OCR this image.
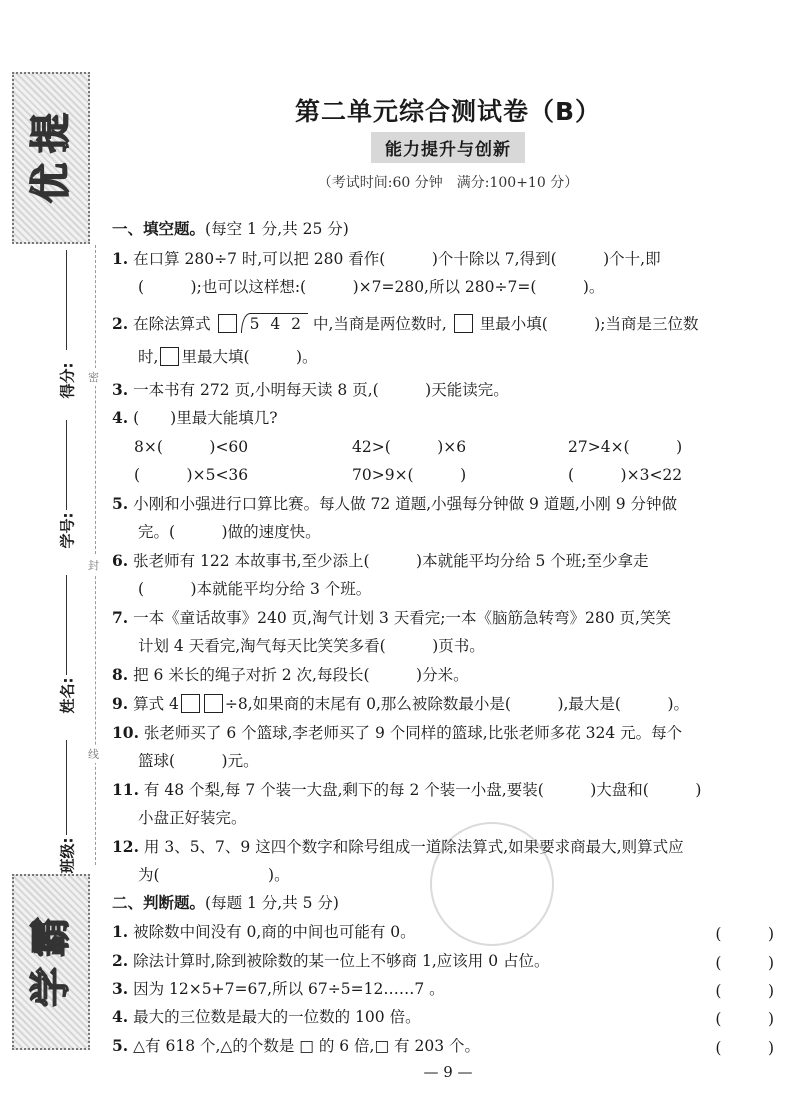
提
优
得分:
学号:
姓名:
班级:
密
封
线
霸
学
第二单元综合测试卷（B）
能力提升与创新
（考试时间:60 分钟　满分:100+10 分）
一、填空题。(每空 1 分,共 25 分)
1. 在口算 280÷7 时,可以把 280 看作(　　　)个十除以 7,得到(　　　)个十,即
(　　　);也可以这样想:(　　　)×7=280,所以 280÷7=(　　　)。
2. 在除法算式	5 4 2 中,当商是两位数时, 里最小填(　　　);当商是三位数
时, 里最大填(　　　)。
3. 一本书有 272 页,小明每天读 8 页,(　　　)天能读完。
4. (　　)里最大能填几?
8×(　　　)<60	42>(　　　)×6	27>4×(　　　)
(　　　)×5<36	70>9×(　　　)	(　　　)×3<22
5. 小刚和小强进行口算比赛。每人做 72 道题,小强每分钟做 9 道题,小刚 9 分钟做
完。(　　　)做的速度快。
6. 张老师有 122 本故事书,至少添上(　　　)本就能平均分给 5 个班;至少拿走
(　　　)本就能平均分给 3 个班。
7. 一本《童话故事》240 页,淘气计划 3 天看完;一本《脑筋急转弯》280 页,笑笑
计划 4 天看完,淘气每天比笑笑多看(　　　)页书。
8. 把 6 米长的绳子对折 2 次,每段长(　　　)分米。
9. 算式 4	÷8,如果商的末尾有 0,那么被除数最小是(　　　),最大是(　　　)。
10. 张老师买了 6 个篮球,李老师买了 9 个同样的篮球,比张老师多花 324 元。每个
篮球(　　　)元。
11. 有 48 个梨,每 7 个装一大盘,剩下的每 2 个装一小盘,要装(　　　)大盘和(　　　)
小盘正好装完。
12. 用 3、5、7、9 这四个数字和除号组成一道除法算式,如果要求商最大,则算式应
为(　　　　　　　)。
二、判断题。(每题 1 分,共 5 分)
1. 被除数中间没有 0,商的中间也可能有 0。	(　　　)
2. 除法计算时,除到被除数的某一位上不够商 1,应该用 0 占位。	(　　　)
3. 因为 12×5+7=67,所以 67÷5=12……7 。	(　　　)
4. 最大的三位数是最大的一位数的 100 倍。	(　　　)
5. △有 618 个,△的个数是 □ 的 6 倍,□ 有 203 个。	(　　　)
— 9 —
